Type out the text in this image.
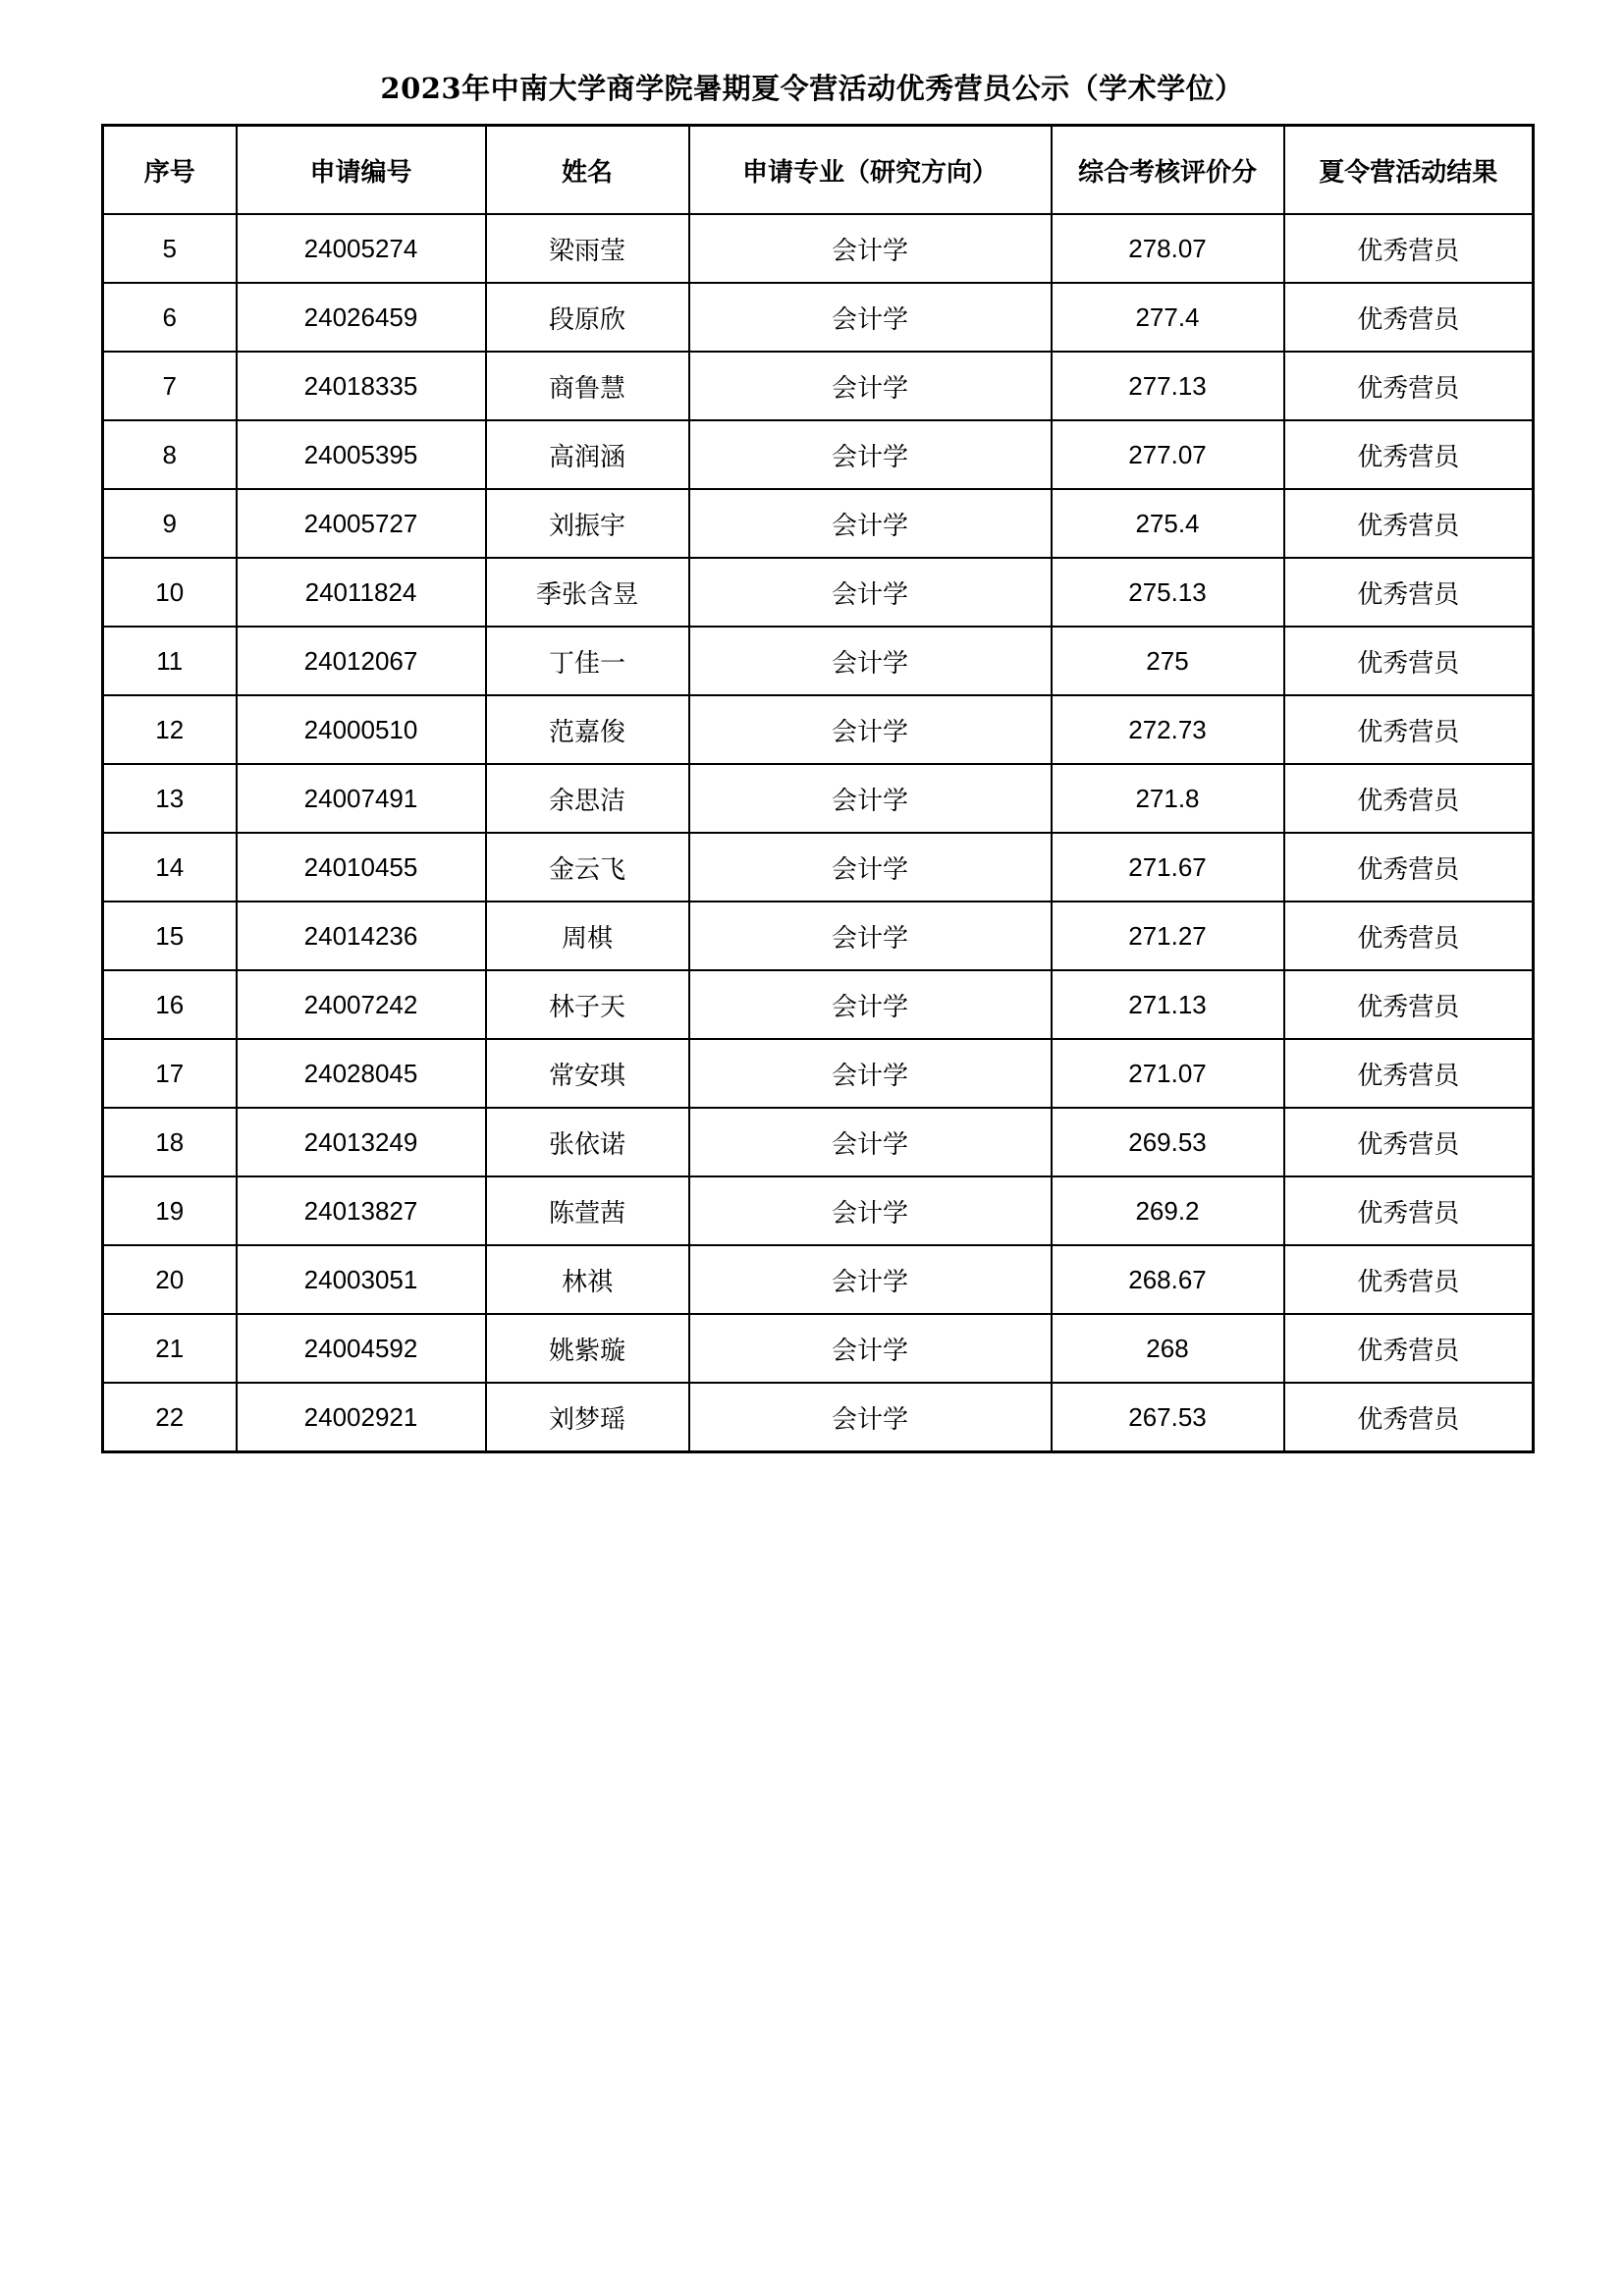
2023年中南大学商学院暑期夏令营活动优秀营员公示（学术学位）
序号	申请编号	姓名	申请专业（研究方向）	综合考核评价分	夏令营活动结果
5	24005274	梁雨莹	会计学	278.07	优秀营员
6	24026459	段原欣	会计学	277.4	优秀营员
7	24018335	商鲁慧	会计学	277.13	优秀营员
8	24005395	高润涵	会计学	277.07	优秀营员
9	24005727	刘振宇	会计学	275.4	优秀营员
10	24011824	季张含昱	会计学	275.13	优秀营员
11	24012067	丁佳一	会计学	275	优秀营员
12	24000510	范嘉俊	会计学	272.73	优秀营员
13	24007491	余思洁	会计学	271.8	优秀营员
14	24010455	金云飞	会计学	271.67	优秀营员
15	24014236	周棋	会计学	271.27	优秀营员
16	24007242	林子天	会计学	271.13	优秀营员
17	24028045	常安琪	会计学	271.07	优秀营员
18	24013249	张依诺	会计学	269.53	优秀营员
19	24013827	陈萱茜	会计学	269.2	优秀营员
20	24003051	林祺	会计学	268.67	优秀营员
21	24004592	姚紫璇	会计学	268	优秀营员
22	24002921	刘梦瑶	会计学	267.53	优秀营员
